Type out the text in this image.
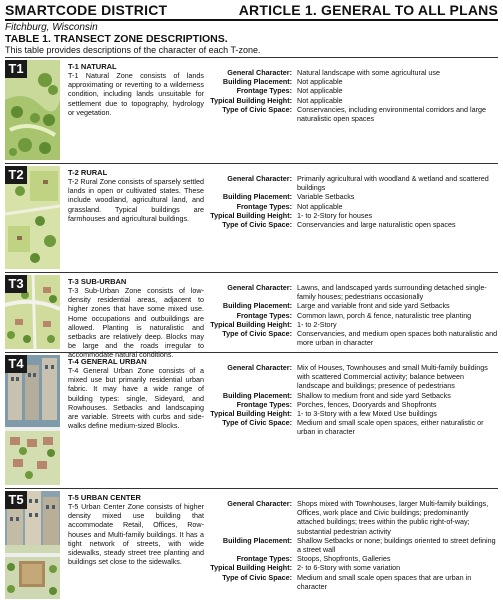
SMARTCODE DISTRICT	ARTICLE 1. GENERAL TO ALL PLANS
Fitchburg, Wisconsin
TABLE 1. TRANSECT ZONE DESCRIPTIONS.
This table provides descriptions of the character of each T-zone.
T1	T-1 NATURAL
T-1 Natural Zone consists of lands approximating or reverting to a wilderness condition, including lands unsuitable for settlement due to topography, hydrology or vegetation.
General Character: Natural landscape with some agricultural use
Building Placement: Not applicable
Frontage Types: Not applicable
Typical Building Height: Not applicable
Type of Civic Space: Conservancies, including environmental corridors and large naturalistic open spaces
T2	T-2 RURAL
T-2 Rural Zone consists of sparsely settled lands in open or cultivated states. These include woodland, agricultural land, and grassland. Typical buildings are farmhouses and agricultural buildings.
General Character: Primarily agricultural with woodland & wetland and scattered buildings
Building Placement: Variable Setbacks
Frontage Types: Not applicable
Typical Building Height: 1- to 2-Story for houses
Type of Civic Space: Conservancies and large naturalistic open spaces
T3	T-3 SUB-URBAN
T-3 Sub-Urban Zone consists of low-density residential areas, adjacent to higher zones that have some mixed use. Home occupations and outbuildings are allowed. Planting is naturalistic and setbacks are relatively deep. Blocks may be large and the roads irregular to accommodate natural conditions.
General Character: Lawns, and landscaped yards surrounding detached single-family houses; pedestrians occasionally
Building Placement: Large and variable front and side yard Setbacks
Frontage Types: Common lawn, porch & fence, naturalistic tree planting
Typical Building Height: 1- to 2-Story
Type of Civic Space: Conservancies, and medium open spaces both naturalistic and more urban in character
T4	T-4 GENERAL URBAN
T-4 General Urban Zone consists of a mixed use but primarily residential urban fabric. It may have a wide range of building types: single, Sideyard, and Rowhouses. Setbacks and landscaping are variable. Streets with curbs and side-walks define medium-sized Blocks.
General Character: Mix of Houses, Townhouses and small Multi-family buildings with scattered Commercial activity; balance between landscape and buildings; presence of pedestrians
Building Placement: Shallow to medium front and side yard Setbacks
Frontage Types: Porches, fences, Dooryards and Shopfronts
Typical Building Height: 1- to 3-Story with a few Mixed Use buildings
Type of Civic Space: Medium and small scale open spaces, either naturalistic or urban in character
T5	T-5 URBAN CENTER
T-5 Urban Center Zone consists of higher density mixed use building that accommodate Retail, Offices, Row- houses and Multi-family buildings. It has a tight network of streets, with wide sidewalks, steady street tree planting and buildings set close to the sidewalks.
General Character: Shops mixed with Townhouses, larger Multi-family buildings, Offices, work place and Civic buildings; predominantly attached buildings; trees within the public right-of-way; substantial pedestrian activity
Building Placement: Shallow Setbacks or none; buildings oriented to street defining a street wall
Frontage Types: Stoops, Shopfronts, Galleries
Typical Building Height: 2- to 6-Story with some variation
Type of Civic Space: Medium and small scale open spaces that are urban in character
